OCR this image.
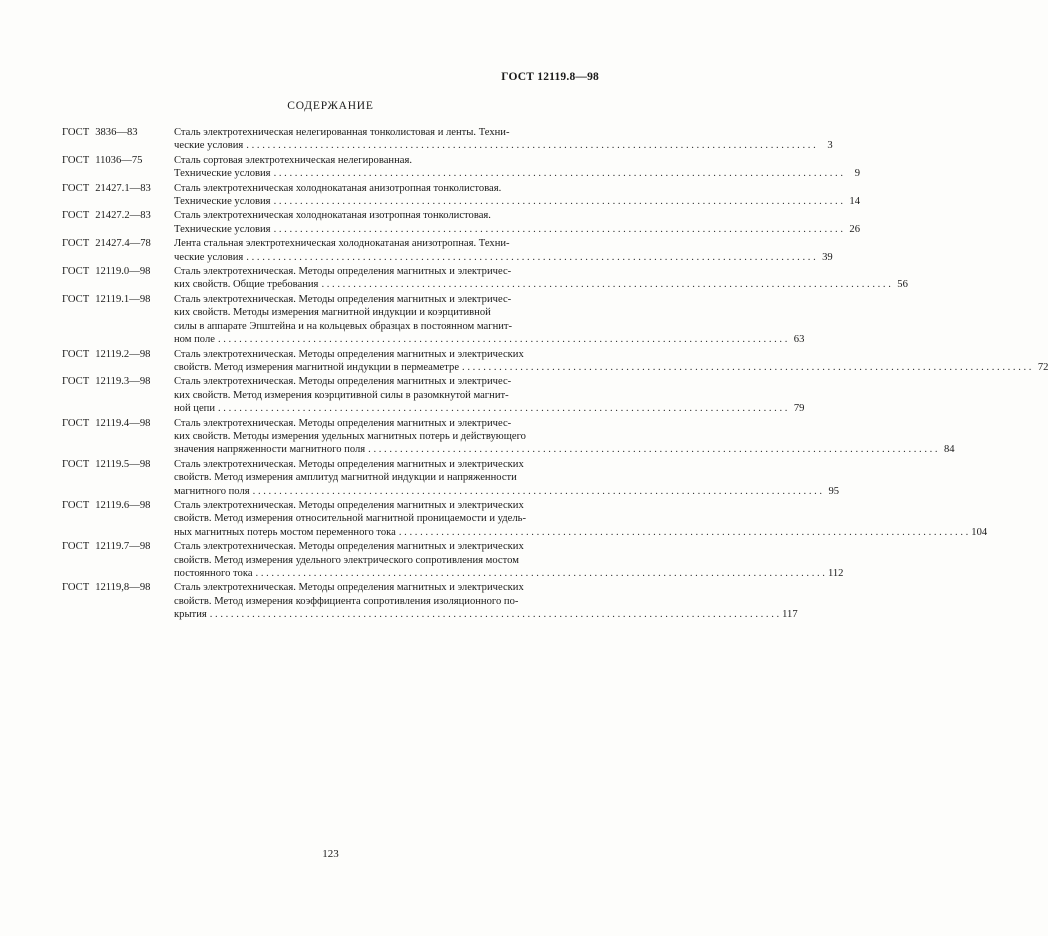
ГОСТ 12119.8—98
СОДЕРЖАНИЕ
ГОСТ 3836—83	Сталь электротехническая нелегированная тонколистовая и ленты. Техни-
ческие условия . . .	3
ГОСТ 11036—75	Сталь сортовая электротехническая нелегированная.
Технические условия . . .	9
ГОСТ 21427.1—83	Сталь электротехническая холоднокатаная анизотропная тонколистовая.
Технические условия . . .	14
ГОСТ 21427.2—83	Сталь электротехническая холоднокатаная изотропная тонколистовая.
Технические условия . . .	26
ГОСТ 21427.4—78	Лента стальная электротехническая холоднокатаная анизотропная. Техни-
ческие условия . . .	39
ГОСТ 12119.0—98	Сталь электротехническая. Методы определения магнитных и электричес-
ких свойств. Общие требования . . .	56
ГОСТ 12119.1—98	Сталь электротехническая. Методы определения магнитных и электричес-
ких свойств. Методы измерения магнитной индукции и коэрцитивной
силы в аппарате Эпштейна и на кольцевых образцах в постоянном магнит-
ном поле . . .	63
ГОСТ 12119.2—98	Сталь электротехническая. Методы определения магнитных и электрических
свойств. Метод измерения магнитной индукции в пермеаметре . . .	72
ГОСТ 12119.3—98	Сталь электротехническая. Методы определения магнитных и электричес-
ких свойств. Метод измерения коэрцитивной силы в разомкнутой магнит-
ной цепи . . .	79
ГОСТ 12119.4—98	Сталь электротехническая. Методы определения магнитных и электричес-
ких свойств. Методы измерения удельных магнитных потерь и действующего
значения напряженности магнитного поля . . .	84
ГОСТ 12119.5—98	Сталь электротехническая. Методы определения магнитных и электрических
свойств. Метод измерения амплитуд магнитной индукции и напряженности
магнитного поля . . .	95
ГОСТ 12119.6—98	Сталь электротехническая. Методы определения магнитных и электрических
свойств. Метод измерения относительной магнитной проницаемости и удель-
ных магнитных потерь мостом переменного тока . . .	104
ГОСТ 12119.7—98	Сталь электротехническая. Методы определения магнитных и электрических
свойств. Метод измерения удельного электрического сопротивления мостом
постоянного тока . . .	112
ГОСТ 12119,8—98	Сталь электротехническая. Методы определения магнитных и электрических
свойств. Метод измерения коэффициента сопротивления изоляционного по-
крытия . . .	117
123
